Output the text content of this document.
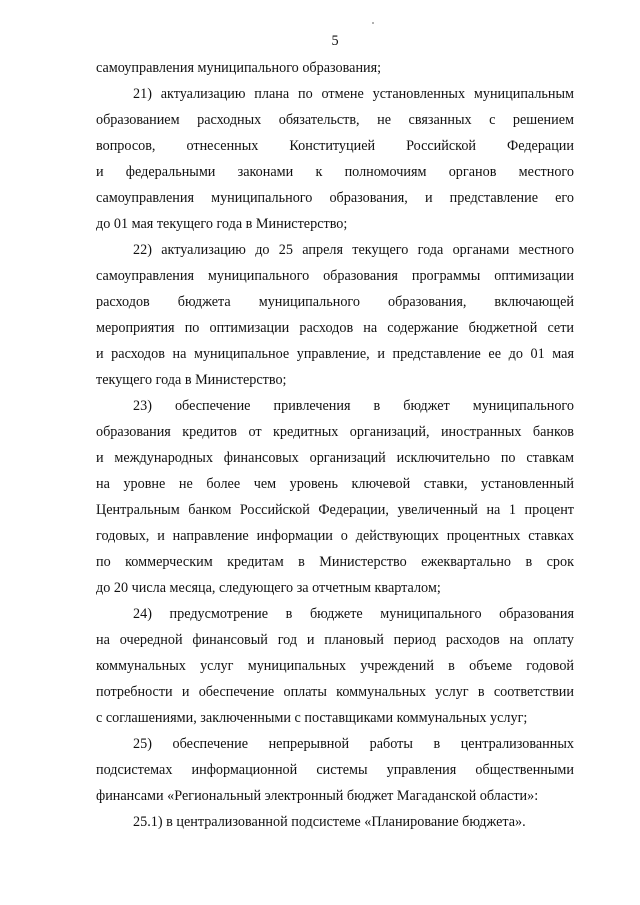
5
самоуправления муниципального образования;
21) актуализацию плана по отмене установленных муниципальным
образованием расходных обязательств, не связанных с решением
вопросов, отнесенных Конституцией Российской Федерации
и федеральными законами к полномочиям органов местного
самоуправления муниципального образования, и представление его
до 01 мая текущего года в Министерство;
22) актуализацию до 25 апреля текущего года органами местного
самоуправления муниципального образования программы оптимизации
расходов бюджета муниципального образования, включающей
мероприятия по оптимизации расходов на содержание бюджетной сети
и расходов на муниципальное управление, и представление ее до 01 мая
текущего года в Министерство;
23) обеспечение привлечения в бюджет муниципального
образования кредитов от кредитных организаций, иностранных банков
и международных финансовых организаций исключительно по ставкам
на уровне не более чем уровень ключевой ставки, установленный
Центральным банком Российской Федерации, увеличенный на 1 процент
годовых, и направление информации о действующих процентных ставках
по коммерческим кредитам в Министерство ежеквартально в срок
до 20 числа месяца, следующего за отчетным кварталом;
24) предусмотрение в бюджете муниципального образования
на очередной финансовый год и плановый период расходов на оплату
коммунальных услуг муниципальных учреждений в объеме годовой
потребности и обеспечение оплаты коммунальных услуг в соответствии
с соглашениями, заключенными с поставщиками коммунальных услуг;
25) обеспечение непрерывной работы в централизованных
подсистемах информационной системы управления общественными
финансами «Региональный электронный бюджет Магаданской области»:
25.1) в централизованной подсистеме «Планирование бюджета».
